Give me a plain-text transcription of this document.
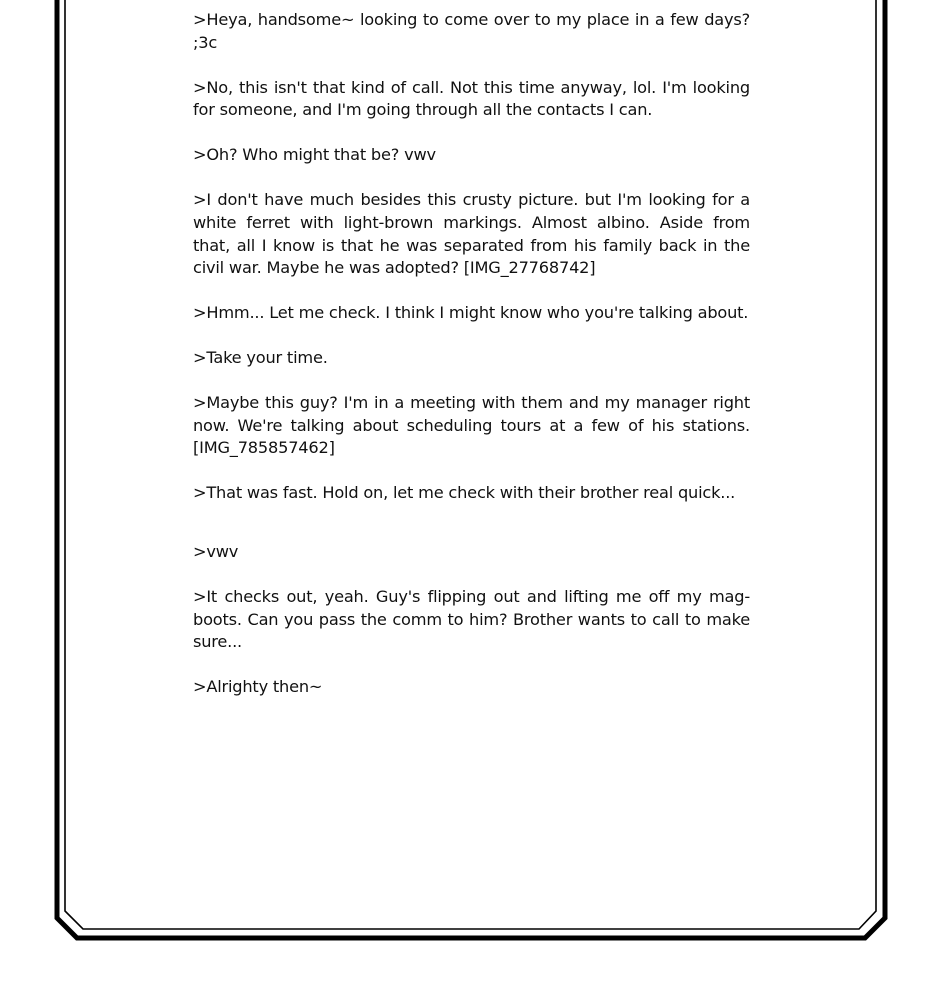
>Heya, handsome~ looking to come over to my place in a few days? ;3c

>No, this isn't that kind of call. Not this time anyway, lol. I'm looking for someone, and I'm going through all the contacts I can.

>Oh? Who might that be? vwv

>I don't have much besides this crusty picture. but I'm looking for a white ferret with light-brown markings. Almost albino. Aside from that, all I know is that he was separated from his family back in the civil war. Maybe he was adopted? [IMG_27768742]

>Hmm... Let me check. I think I might know who you're talking about.

>Take your time.

>Maybe this guy? I'm in a meeting with them and my manager right now. We're talking about scheduling tours at a few of his stations. [IMG_785857462]

>That was fast. Hold on, let me check with their brother real quick...

>vwv

>It checks out, yeah. Guy's flipping out and lifting me off my mag-boots. Can you pass the comm to him? Brother wants to call to make sure...

>Alrighty then~
